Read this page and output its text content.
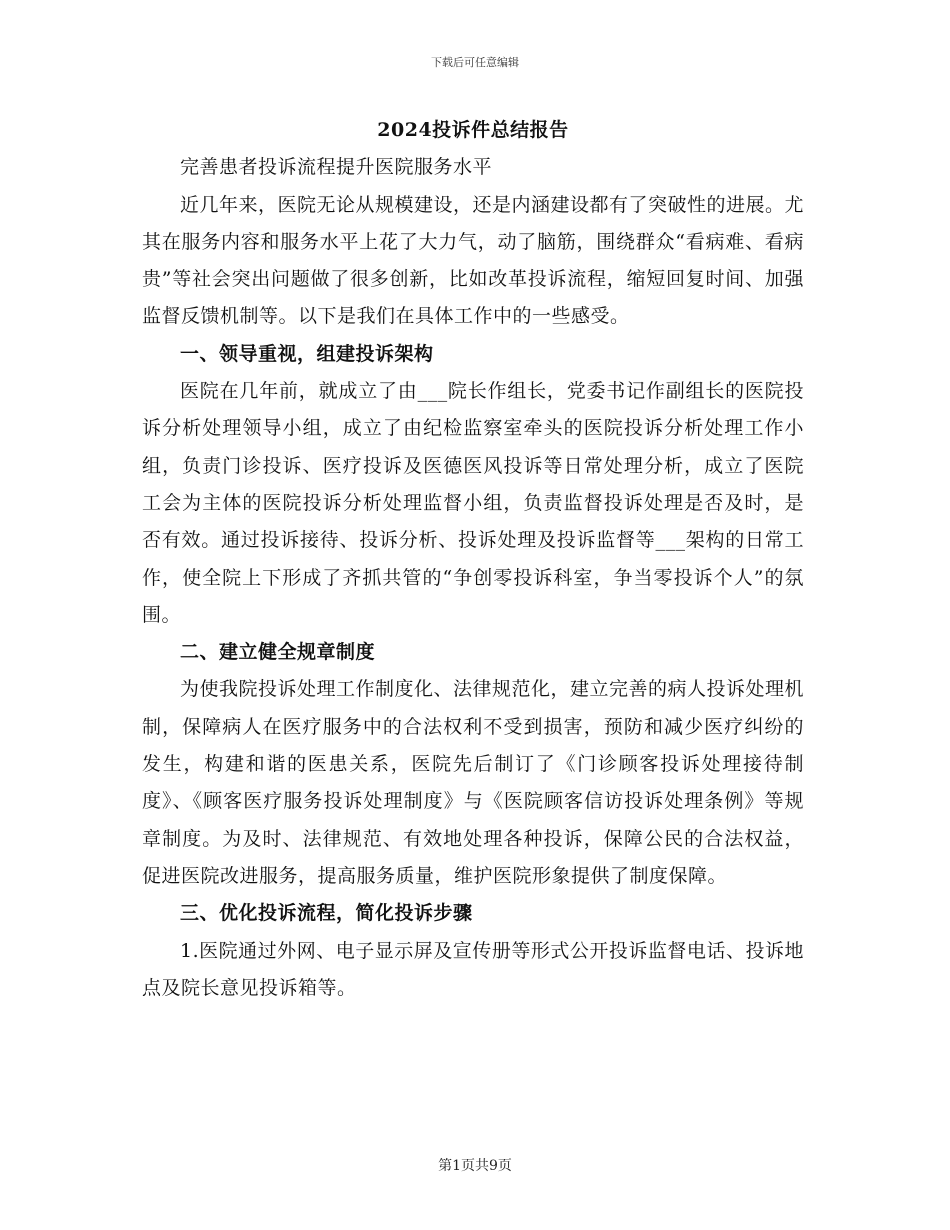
下载后可任意编辑

2024投诉件总结报告

完善患者投诉流程提升医院服务水平

近几年来，医院无论从规模建设，还是内涵建设都有了突破性的进展。尤其在服务内容和服务水平上花了大力气，动了脑筋，围绕群众“看病难、看病贵”等社会突出问题做了很多创新，比如改革投诉流程，缩短回复时间、加强监督反馈机制等。以下是我们在具体工作中的一些感受。

一、领导重视，组建投诉架构

医院在几年前，就成立了由___院长作组长，党委书记作副组长的医院投诉分析处理领导小组，成立了由纪检监察室牵头的医院投诉分析处理工作小组，负责门诊投诉、医疗投诉及医德医风投诉等日常处理分析，成立了医院工会为主体的医院投诉分析处理监督小组，负责监督投诉处理是否及时，是否有效。通过投诉接待、投诉分析、投诉处理及投诉监督等___架构的日常工作，使全院上下形成了齐抓共管的“争创零投诉科室，争当零投诉个人”的氛围。

二、建立健全规章制度

为使我院投诉处理工作制度化、法律规范化，建立完善的病人投诉处理机制，保障病人在医疗服务中的合法权利不受到损害，预防和减少医疗纠纷的发生，构建和谐的医患关系，医院先后制订了《门诊顾客投诉处理接待制度》、《顾客医疗服务投诉处理制度》与《医院顾客信访投诉处理条例》等规章制度。为及时、法律规范、有效地处理各种投诉，保障公民的合法权益，促进医院改进服务，提高服务质量，维护医院形象提供了制度保障。

三、优化投诉流程，简化投诉步骤

1.医院通过外网、电子显示屏及宣传册等形式公开投诉监督电话、投诉地点及院长意见投诉箱等。

第1页共9页
